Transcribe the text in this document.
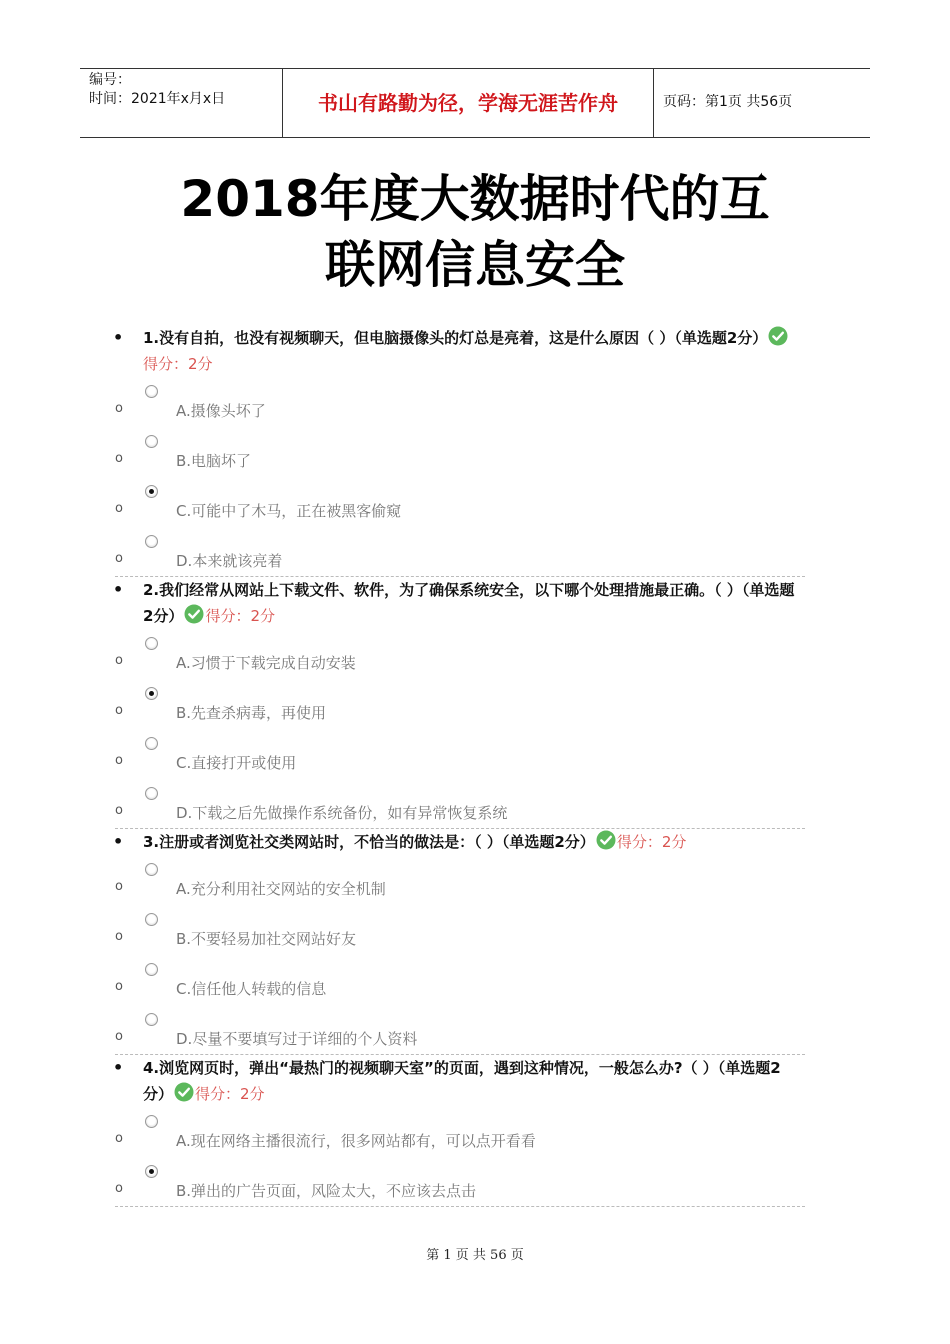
编号：
时间：2021年x月x日	书山有路勤为径，学海无涯苦作舟	页码：第1页 共56页
2018年度大数据时代的互
联网信息安全
• 1.没有自拍，也没有视频聊天，但电脑摄像头的灯总是亮着，这是什么原因（ ）（单选题2分）得分：2分
o	A.摄像头坏了
o	B.电脑坏了
o	C.可能中了木马，正在被黑客偷窥
o	D.本来就该亮着
• 2.我们经常从网站上下载文件、软件，为了确保系统安全，以下哪个处理措施最正确。（ ）（单选题2分） 得分：2分
o	A.习惯于下载完成自动安装
o	B.先查杀病毒，再使用
o	C.直接打开或使用
o	D.下载之后先做操作系统备份，如有异常恢复系统
• 3.注册或者浏览社交类网站时，不恰当的做法是：（ ）（单选题2分） 得分：2分
o	A.充分利用社交网站的安全机制
o	B.不要轻易加社交网站好友
o	C.信任他人转载的信息
o	D.尽量不要填写过于详细的个人资料
• 4.浏览网页时，弹出“最热门的视频聊天室”的页面，遇到这种情况，一般怎么办?（ ）（单选题2分） 得分：2分
o	A.现在网络主播很流行，很多网站都有，可以点开看看
o	B.弹出的广告页面，风险太大，不应该去点击
第 1 页 共 56 页
